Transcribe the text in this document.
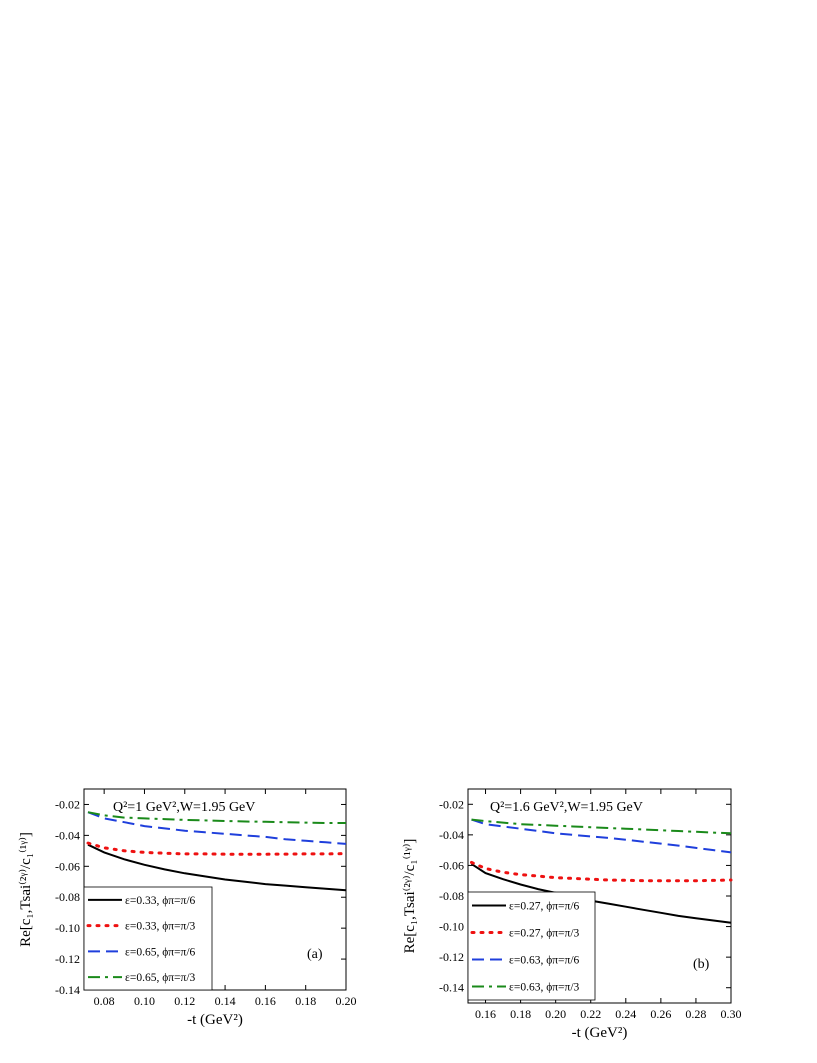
0.08 0.10 0.12 0.14 0.16 0.18 0.20
-0.02
-0.04
-0.06
-0.08
-0.10
-0.12
-0.14
-t (GeV²)
Re[c₁,Tsai⁽²ᵞ⁾/c₁⁽¹ᵞ⁾]
Q²=1 GeV²,W=1.95 GeV
(a)
ε=0.33, ϕπ=π/6
ε=0.33, ϕπ=π/3
ε=0.65, ϕπ=π/6
ε=0.65, ϕπ=π/3
0.16 0.18 0.20 0.22 0.24 0.26 0.28 0.30
-0.02
-0.04
-0.06
-0.08
-0.10
-0.12
-0.14
-t (GeV²)
Re[c₁,Tsai⁽²ᵞ⁾/c₁⁽¹ᵞ⁾]
Q²=1.6 GeV²,W=1.95 GeV
(b)
ε=0.27, ϕπ=π/6
ε=0.27, ϕπ=π/3
ε=0.63, ϕπ=π/6
ε=0.63, ϕπ=π/3
